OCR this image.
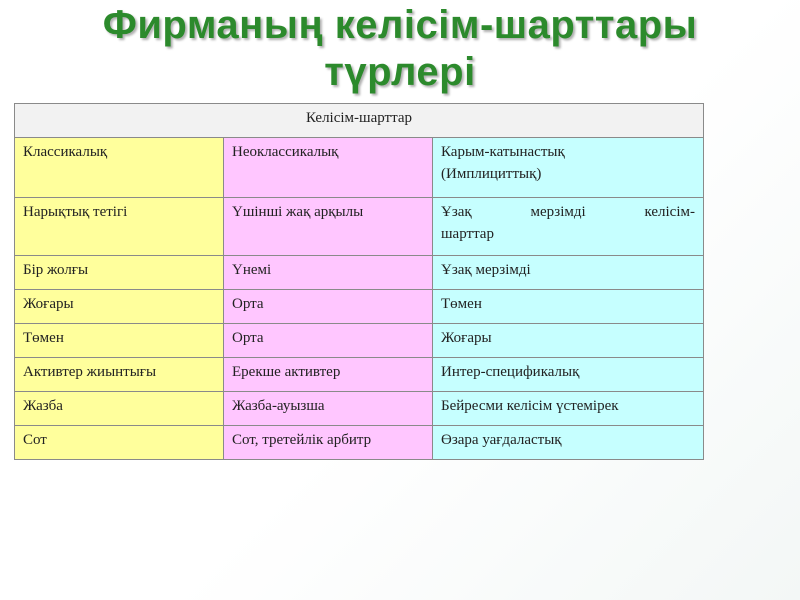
Фирманың келісім-шарттары
түрлері
Келісім-шарттар		
Классикалық	Неоклассикалық	Карым-катынастық
(Имплициттық)
Нарықтық тетігі	Үшінші жақ арқылы	Ұзақ мерзімді келісім-
шарттар

Бір жолғы	Үнемі	Ұзақ мерзімді
Жоғары	Орта	Төмен
Төмен	Орта	Жоғары
Активтер жиынтығы	Ерекше активтер	Интер-спецификалық
Жазба	Жазба-ауызша	Бейресми келісім үстемірек
Сот	Сот, третейлік арбитр	Өзара уағдаластық
